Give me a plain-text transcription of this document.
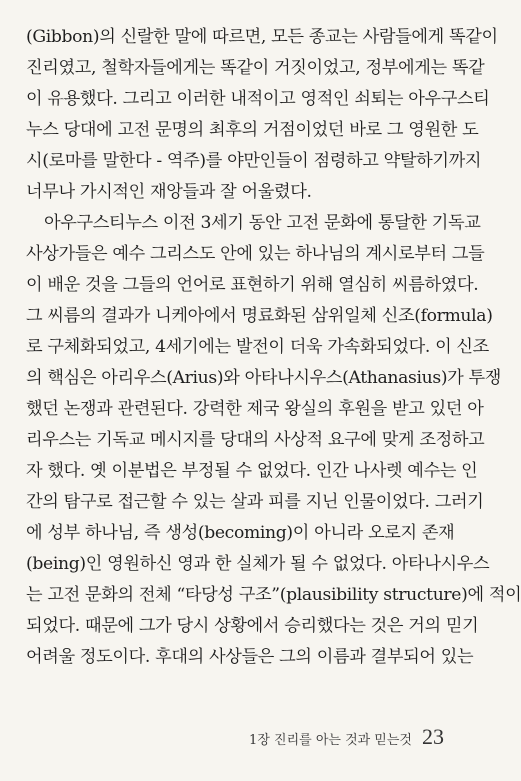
(Gibbon)의 신랄한 말에 따르면, 모든 종교는 사람들에게 똑같이
진리였고, 철학자들에게는 똑같이 거짓이었고, 정부에게는 똑같
이 유용했다. 그리고 이러한 내적이고 영적인 쇠퇴는 아우구스티
누스 당대에 고전 문명의 최후의 거점이었던 바로 그 영원한 도
시(로마를 말한다 - 역주)를 야만인들이 점령하고 약탈하기까지
너무나 가시적인 재앙들과 잘 어울렸다.
아우구스티누스 이전 3세기 동안 고전 문화에 통달한 기독교
사상가들은 예수 그리스도 안에 있는 하나님의 계시로부터 그들
이 배운 것을 그들의 언어로 표현하기 위해 열심히 씨름하였다.
그 씨름의 결과가 니케아에서 명료화된 삼위일체 신조(formula)
로 구체화되었고, 4세기에는 발전이 더욱 가속화되었다. 이 신조
의 핵심은 아리우스(Arius)와 아타나시우스(Athanasius)가 투쟁
했던 논쟁과 관련된다. 강력한 제국 왕실의 후원을 받고 있던 아
리우스는 기독교 메시지를 당대의 사상적 요구에 맞게 조정하고
자 했다. 옛 이분법은 부정될 수 없었다. 인간 나사렛 예수는 인
간의 탐구로 접근할 수 있는 살과 피를 지닌 인물이었다. 그러기
에 성부 하나님, 즉 생성(becoming)이 아니라 오로지 존재
(being)인 영원하신 영과 한 실체가 될 수 없었다. 아타나시우스
는 고전 문화의 전체 “타당성 구조”(plausibility structure)에 적이
되었다. 때문에 그가 당시 상황에서 승리했다는 것은 거의 믿기
어려울 정도이다. 후대의 사상들은 그의 이름과 결부되어 있는
1장 진리를 아는 것과 믿는것 23
